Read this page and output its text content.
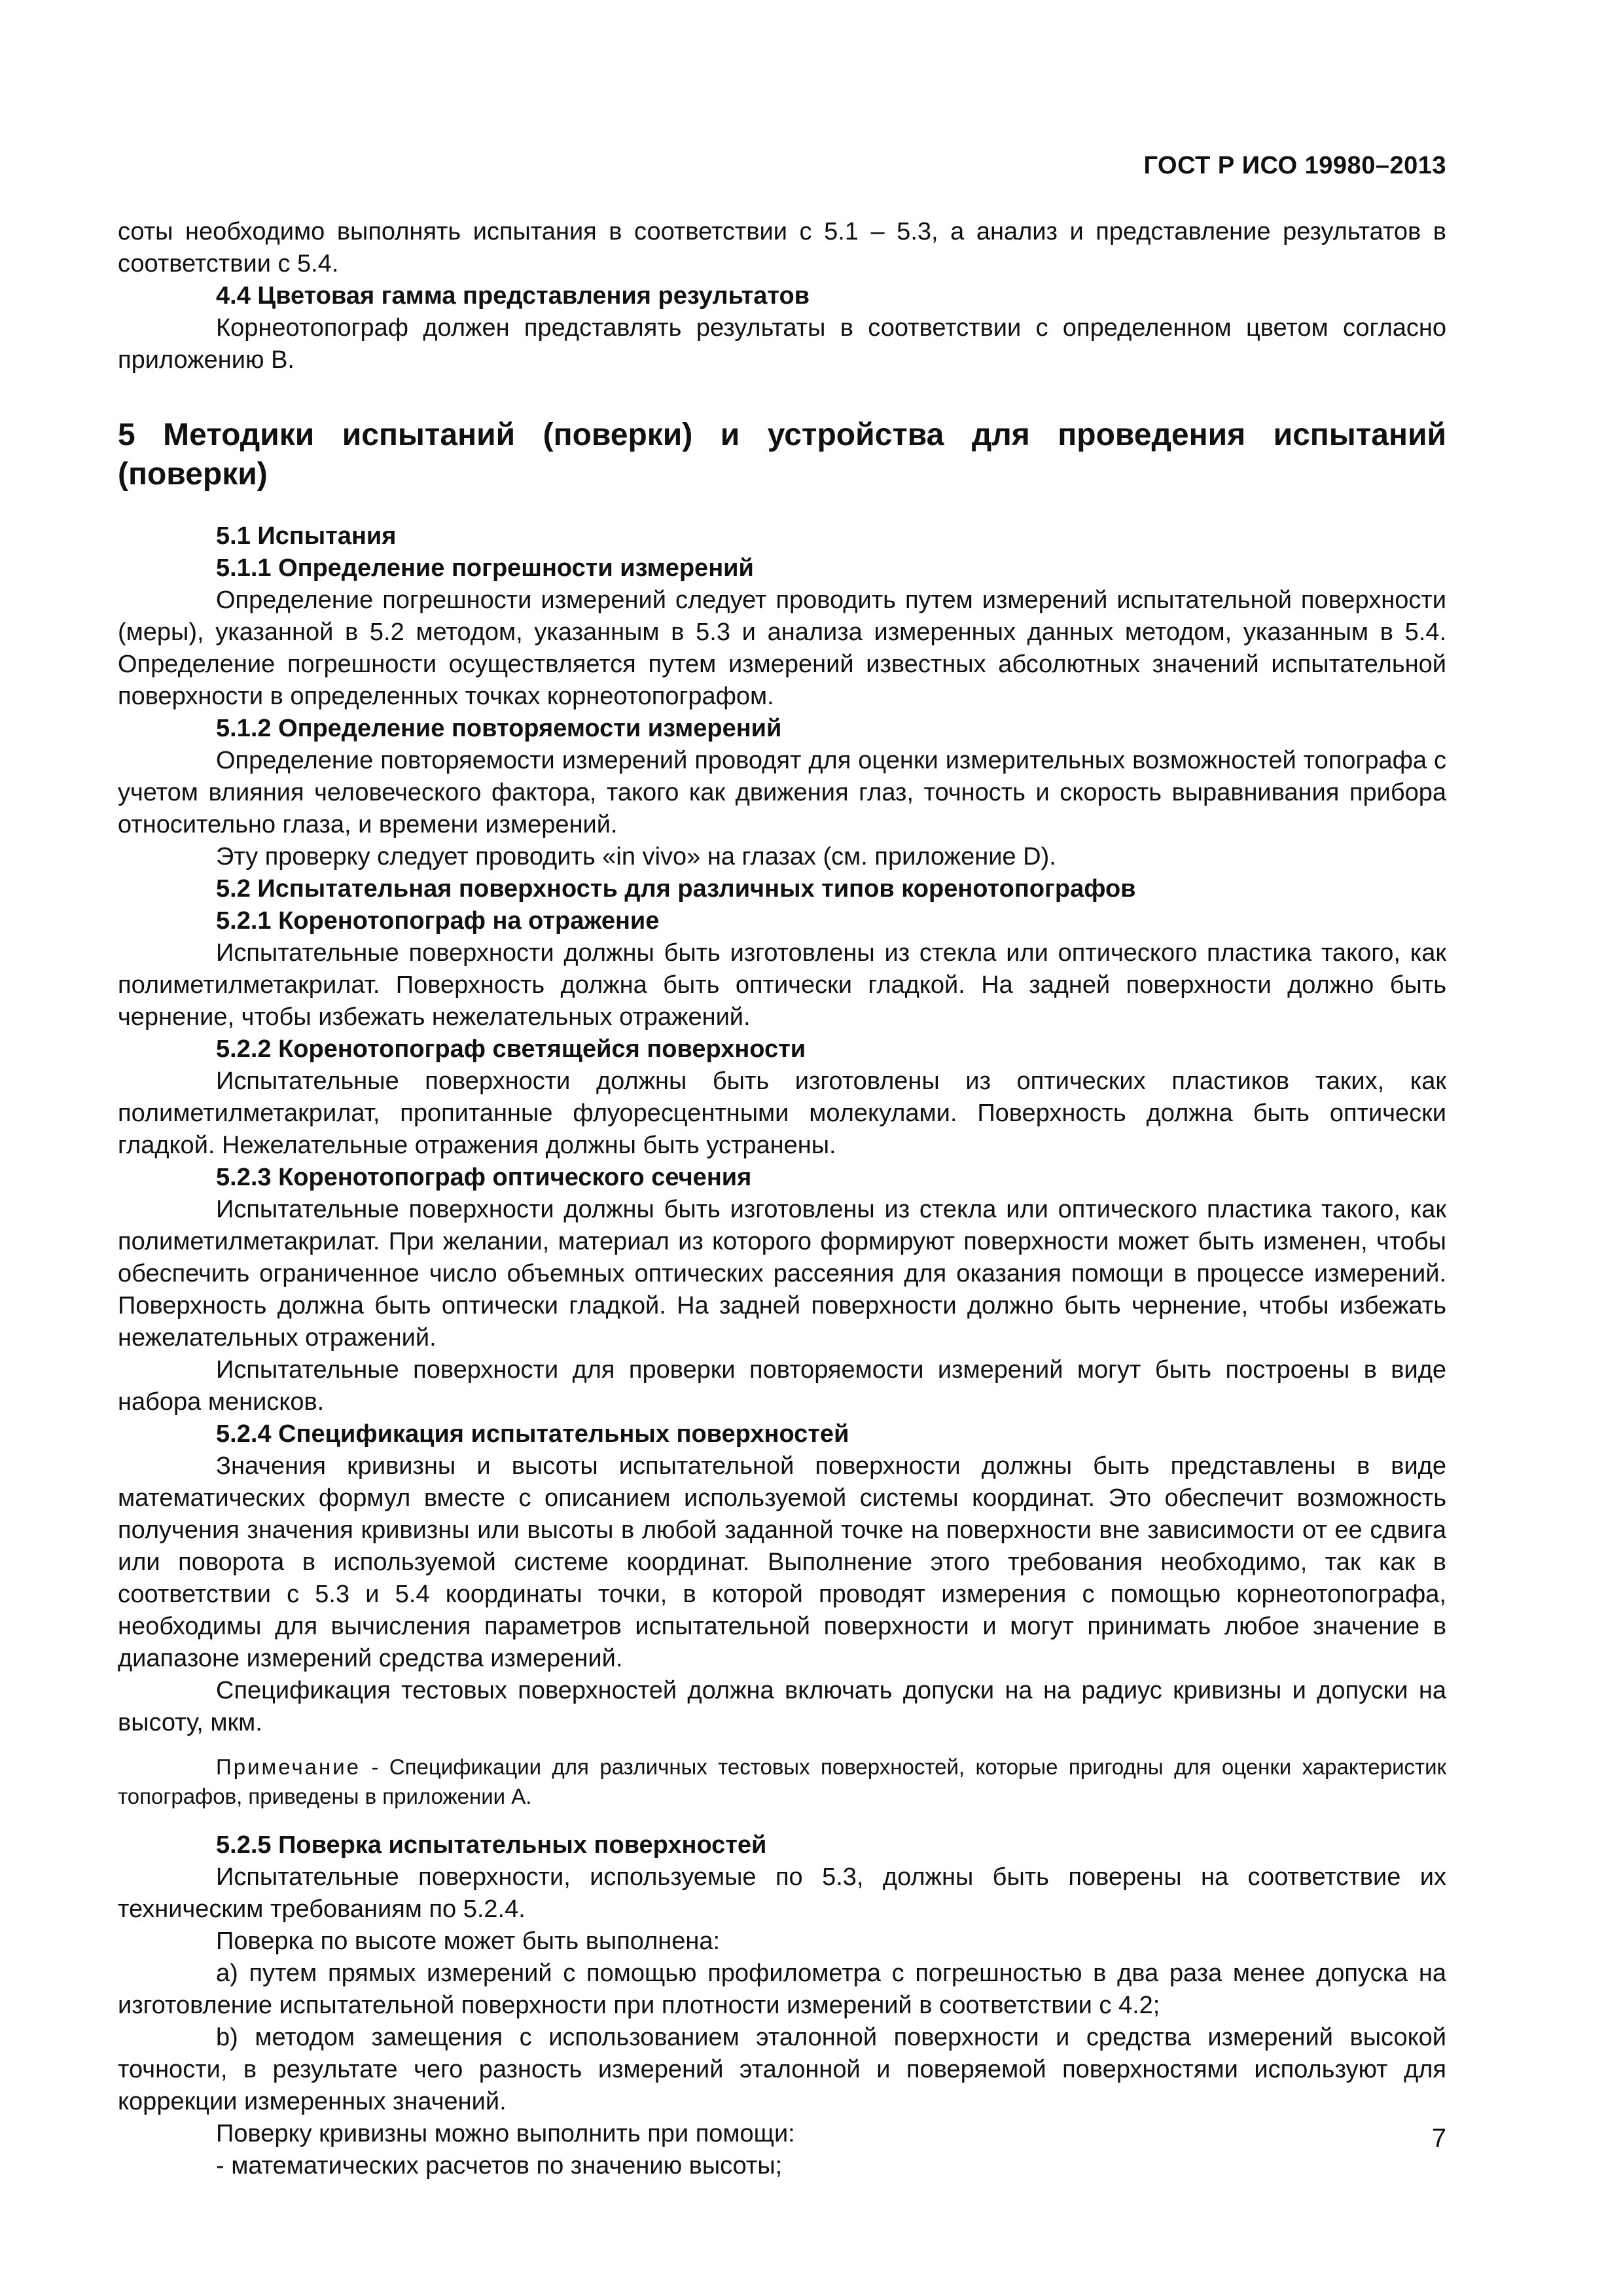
ГОСТ Р ИСО 19980–2013

соты необходимо выполнять испытания в соответствии с 5.1 – 5.3, а анализ и представление результатов в соответствии с 5.4.

4.4 Цветовая гамма представления результатов

Корнеотопограф должен представлять результаты в соответствии с определенном цветом согласно приложению В.

5 Методики испытаний (поверки) и устройства для проведения испытаний (поверки)

5.1 Испытания

5.1.1 Определение погрешности измерений

Определение погрешности измерений следует проводить путем измерений испытательной поверхности (меры), указанной в 5.2 методом, указанным в 5.3 и анализа измеренных данных методом, указанным в 5.4. Определение погрешности осуществляется путем измерений известных абсолютных значений испытательной поверхности в определенных точках корнеотопографом.

5.1.2 Определение повторяемости измерений

Определение повторяемости измерений проводят для оценки измерительных возможностей топографа с учетом влияния человеческого фактора, такого как движения глаз, точность и скорость выравнивания прибора относительно глаза, и времени измерений.

Эту проверку следует проводить «in vivo» на глазах (см. приложение D).

5.2 Испытательная поверхность для различных типов коренотопографов

5.2.1 Коренотопограф на отражение

Испытательные поверхности должны быть изготовлены из стекла или оптического пластика такого, как полиметилметакрилат. Поверхность должна быть оптически гладкой. На задней поверхности должно быть чернение, чтобы избежать нежелательных отражений.

5.2.2 Коренотопограф светящейся поверхности

Испытательные поверхности должны быть изготовлены из оптических пластиков таких, как полиметилметакрилат, пропитанные флуоресцентными молекулами. Поверхность должна быть оптически гладкой. Нежелательные отражения должны быть устранены.

5.2.3 Коренотопограф оптического сечения

Испытательные поверхности должны быть изготовлены из стекла или оптического пластика такого, как полиметилметакрилат. При желании, материал из которого формируют поверхности может быть изменен, чтобы обеспечить ограниченное число объемных оптических рассеяния для оказания помощи в процессе измерений. Поверхность должна быть оптически гладкой. На задней поверхности должно быть чернение, чтобы избежать нежелательных отражений.

Испытательные поверхности для проверки повторяемости измерений могут быть построены в виде набора менисков.

5.2.4 Спецификация испытательных поверхностей

Значения кривизны и высоты испытательной поверхности должны быть представлены в виде математических формул вместе с описанием используемой системы координат. Это обеспечит возможность получения значения кривизны или высоты в любой заданной точке на поверхности вне зависимости от ее сдвига или поворота в используемой системе координат. Выполнение этого требования необходимо, так как в соответствии с 5.3 и 5.4 координаты точки, в которой проводят измерения с помощью корнеотопографа, необходимы для вычисления параметров испытательной поверхности и могут принимать любое значение в диапазоне измерений средства измерений.

Спецификация тестовых поверхностей должна включать допуски на на радиус кривизны и допуски на высоту, мкм.

Примечание - Спецификации для различных тестовых поверхностей, которые пригодны для оценки характеристик топографов, приведены в приложении А.

5.2.5 Поверка испытательных поверхностей

Испытательные поверхности, используемые по 5.3, должны быть поверены на соответствие их техническим требованиям по 5.2.4.

Поверка по высоте может быть выполнена:

а) путем прямых измерений с помощью профилометра с погрешностью в два раза менее допуска на изготовление испытательной поверхности при плотности измерений в соответствии с 4.2;

b) методом замещения с использованием эталонной поверхности и средства измерений высокой точности, в результате чего разность измерений эталонной и поверяемой поверхностями используют для коррекции измеренных значений.

Поверку кривизны можно выполнить при помощи:

- математических расчетов по значению высоты;

7
